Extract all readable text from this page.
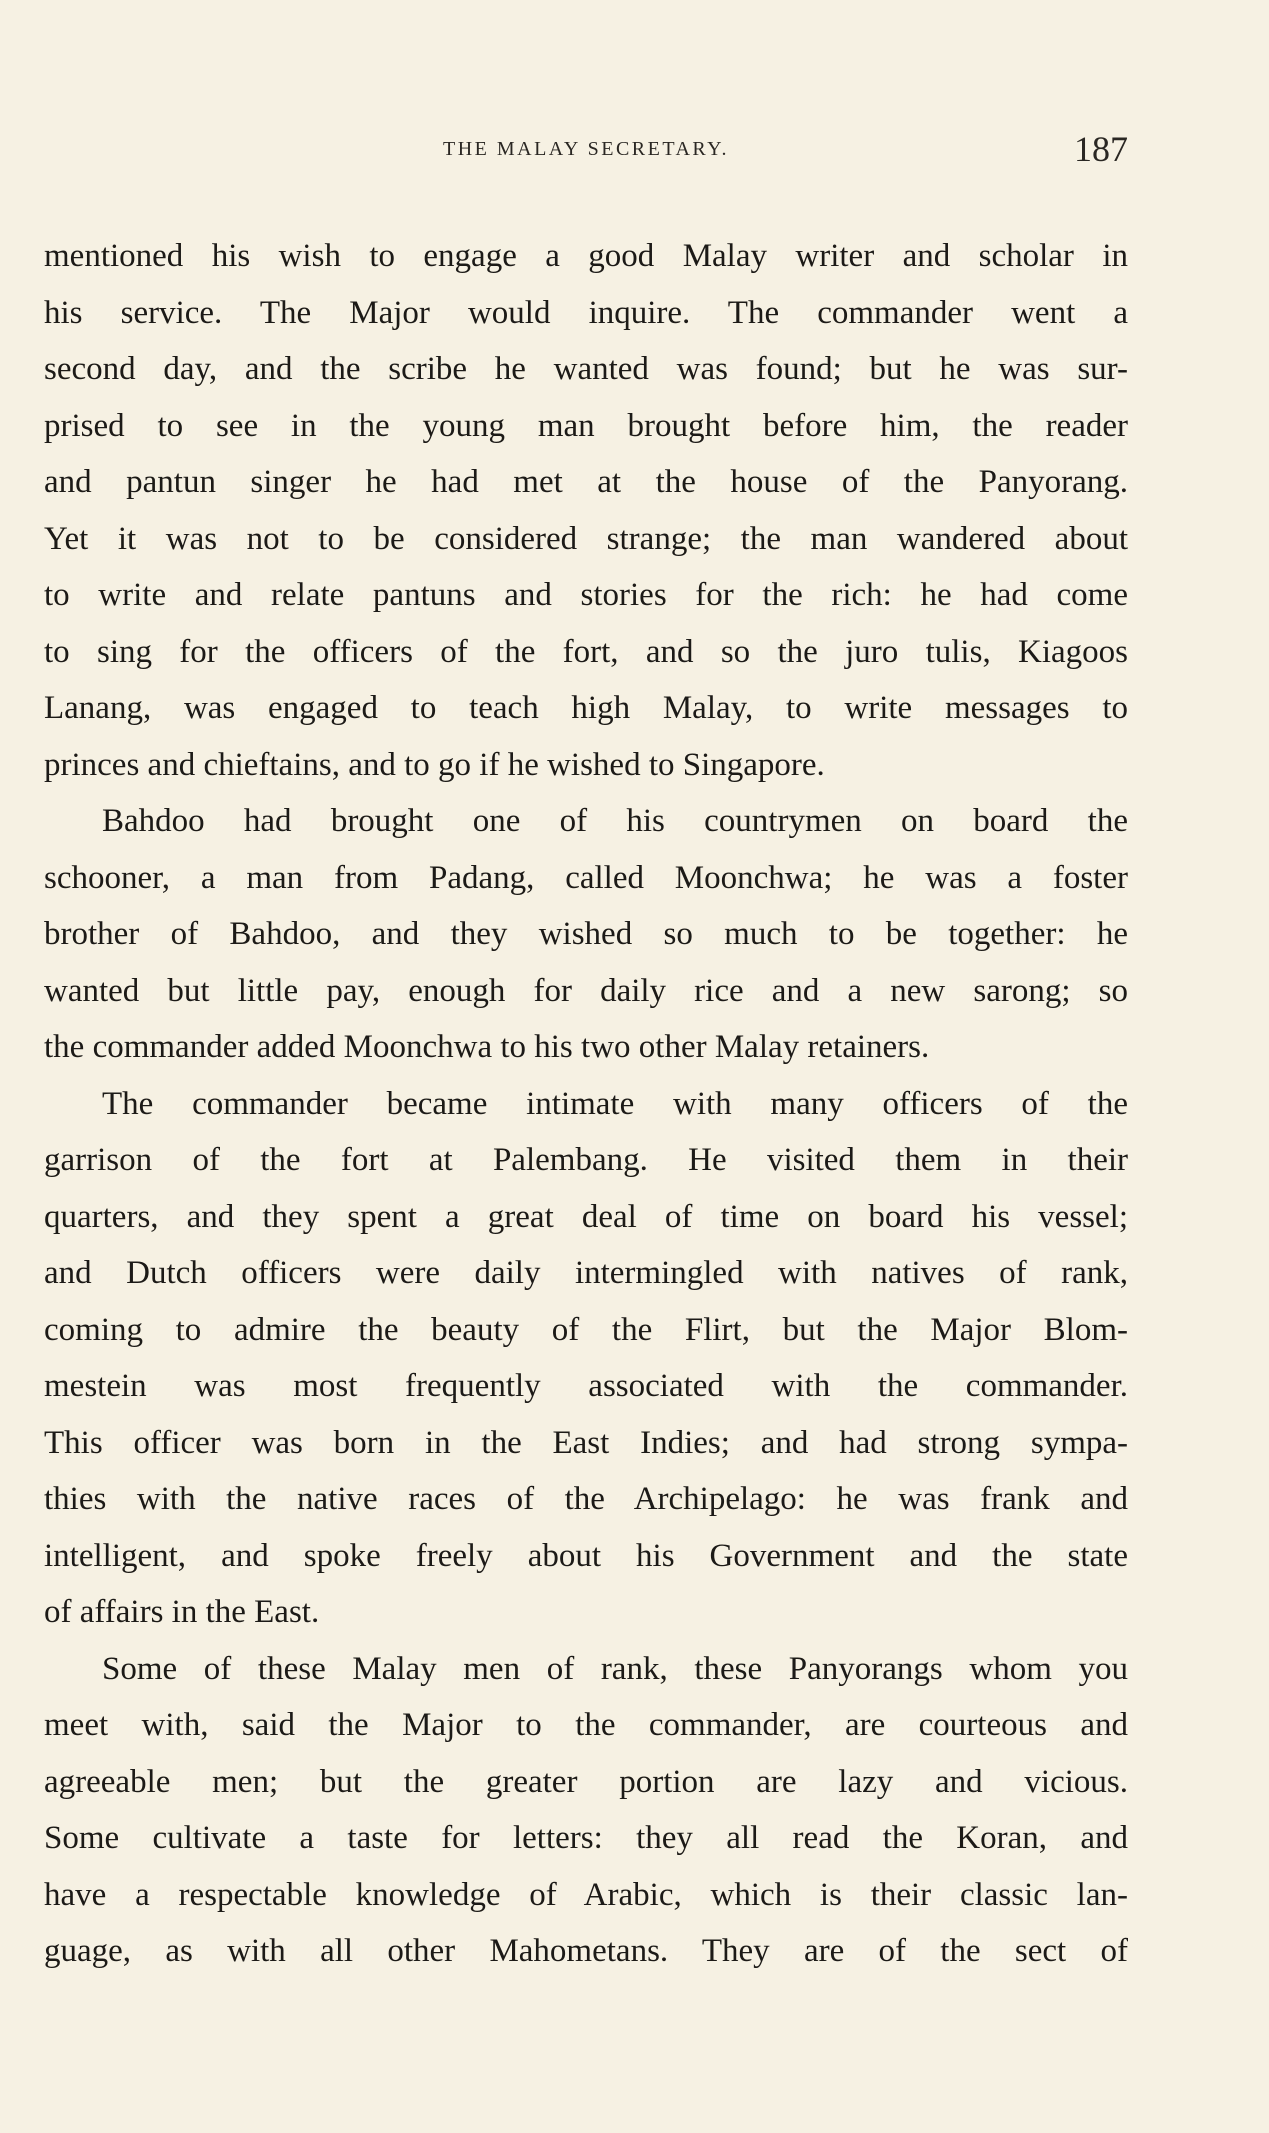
THE MALAY SECRETARY.	187
mentioned his wish to engage a good Malay writer and scholar in
his service. The Major would inquire. The commander went a
second day, and the scribe he wanted was found; but he was sur-
prised to see in the young man brought before him, the reader
and pantun singer he had met at the house of the Panyorang.
Yet it was not to be considered strange; the man wandered about
to write and relate pantuns and stories for the rich: he had come
to sing for the officers of the fort, and so the juro tulis, Kiagoos
Lanang, was engaged to teach high Malay, to write messages to
princes and chieftains, and to go if he wished to Singapore.
Bahdoo had brought one of his countrymen on board the
schooner, a man from Padang, called Moonchwa; he was a foster
brother of Bahdoo, and they wished so much to be together: he
wanted but little pay, enough for daily rice and a new sarong; so
the commander added Moonchwa to his two other Malay retainers.
The commander became intimate with many officers of the
garrison of the fort at Palembang. He visited them in their
quarters, and they spent a great deal of time on board his vessel;
and Dutch officers were daily intermingled with natives of rank,
coming to admire the beauty of the Flirt, but the Major Blom-
mestein was most frequently associated with the commander.
This officer was born in the East Indies; and had strong sympa-
thies with the native races of the Archipelago: he was frank and
intelligent, and spoke freely about his Government and the state
of affairs in the East.
Some of these Malay men of rank, these Panyorangs whom you
meet with, said the Major to the commander, are courteous and
agreeable men; but the greater portion are lazy and vicious.
Some cultivate a taste for letters: they all read the Koran, and
have a respectable knowledge of Arabic, which is their classic lan-
guage, as with all other Mahometans. They are of the sect of
